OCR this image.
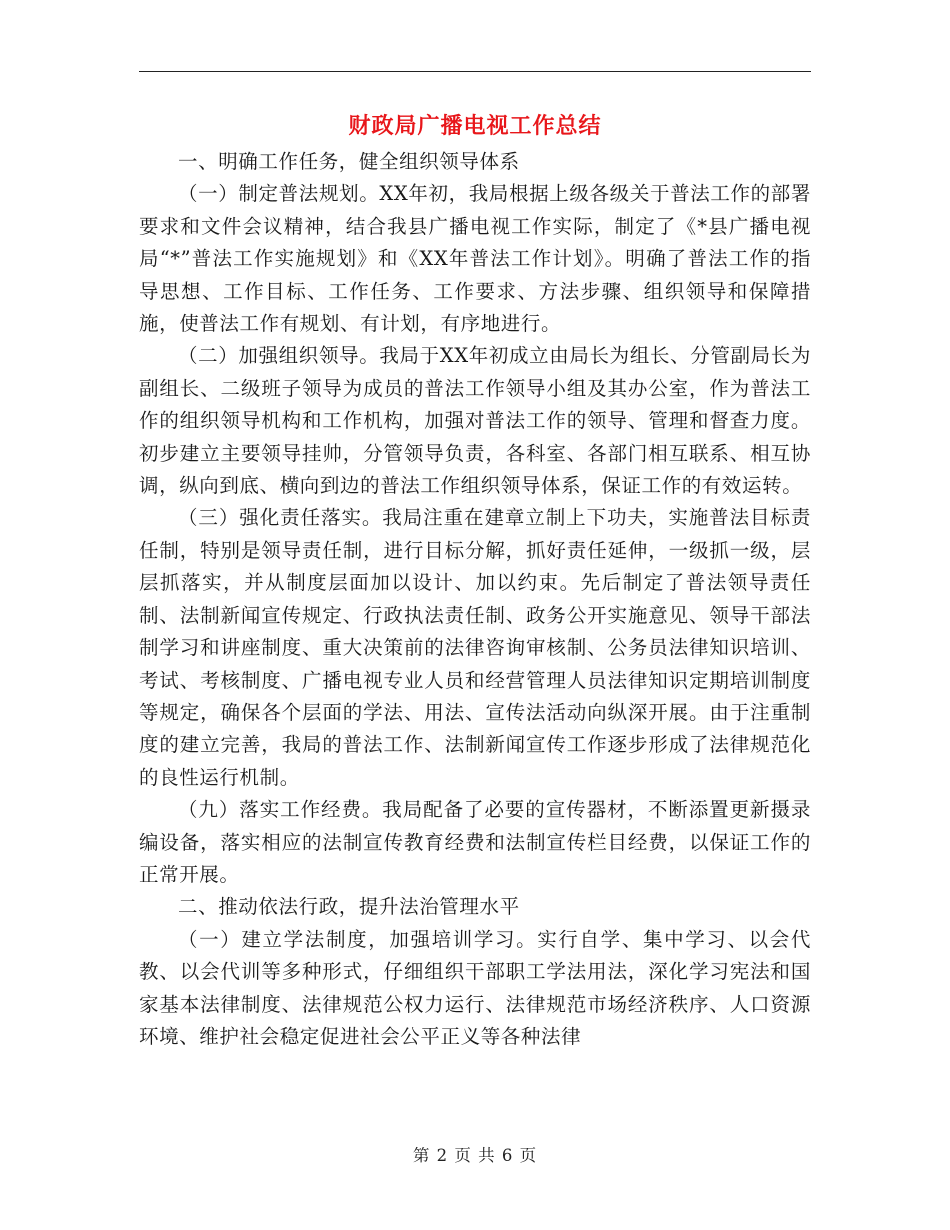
财政局广播电视工作总结

一、明确工作任务，健全组织领导体系

（一）制定普法规划。XX年初，我局根据上级各级关于普法工作的部署要求和文件会议精神，结合我县广播电视工作实际，制定了《*县广播电视局“*”普法工作实施规划》和《XX年普法工作计划》。明确了普法工作的指导思想、工作目标、工作任务、工作要求、方法步骤、组织领导和保障措施，使普法工作有规划、有计划，有序地进行。

（二）加强组织领导。我局于XX年初成立由局长为组长、分管副局长为副组长、二级班子领导为成员的普法工作领导小组及其办公室，作为普法工作的组织领导机构和工作机构，加强对普法工作的领导、管理和督查力度。初步建立主要领导挂帅，分管领导负责，各科室、各部门相互联系、相互协调，纵向到底、横向到边的普法工作组织领导体系，保证工作的有效运转。

（三）强化责任落实。我局注重在建章立制上下功夫，实施普法目标责任制，特别是领导责任制，进行目标分解，抓好责任延伸，一级抓一级，层层抓落实，并从制度层面加以设计、加以约束。先后制定了普法领导责任制、法制新闻宣传规定、行政执法责任制、政务公开实施意见、领导干部法制学习和讲座制度、重大决策前的法律咨询审核制、公务员法律知识培训、考试、考核制度、广播电视专业人员和经营管理人员法律知识定期培训制度等规定，确保各个层面的学法、用法、宣传法活动向纵深开展。由于注重制度的建立完善，我局的普法工作、法制新闻宣传工作逐步形成了法律规范化的良性运行机制。

（九）落实工作经费。我局配备了必要的宣传器材，不断添置更新摄录编设备，落实相应的法制宣传教育经费和法制宣传栏目经费，以保证工作的正常开展。

二、推动依法行政，提升法治管理水平

（一）建立学法制度，加强培训学习。实行自学、集中学习、以会代教、以会代训等多种形式，仔细组织干部职工学法用法，深化学习宪法和国家基本法律制度、法律规范公权力运行、法律规范市场经济秩序、人口资源环境、维护社会稳定促进社会公平正义等各种法律

第 2 页 共 6 页
